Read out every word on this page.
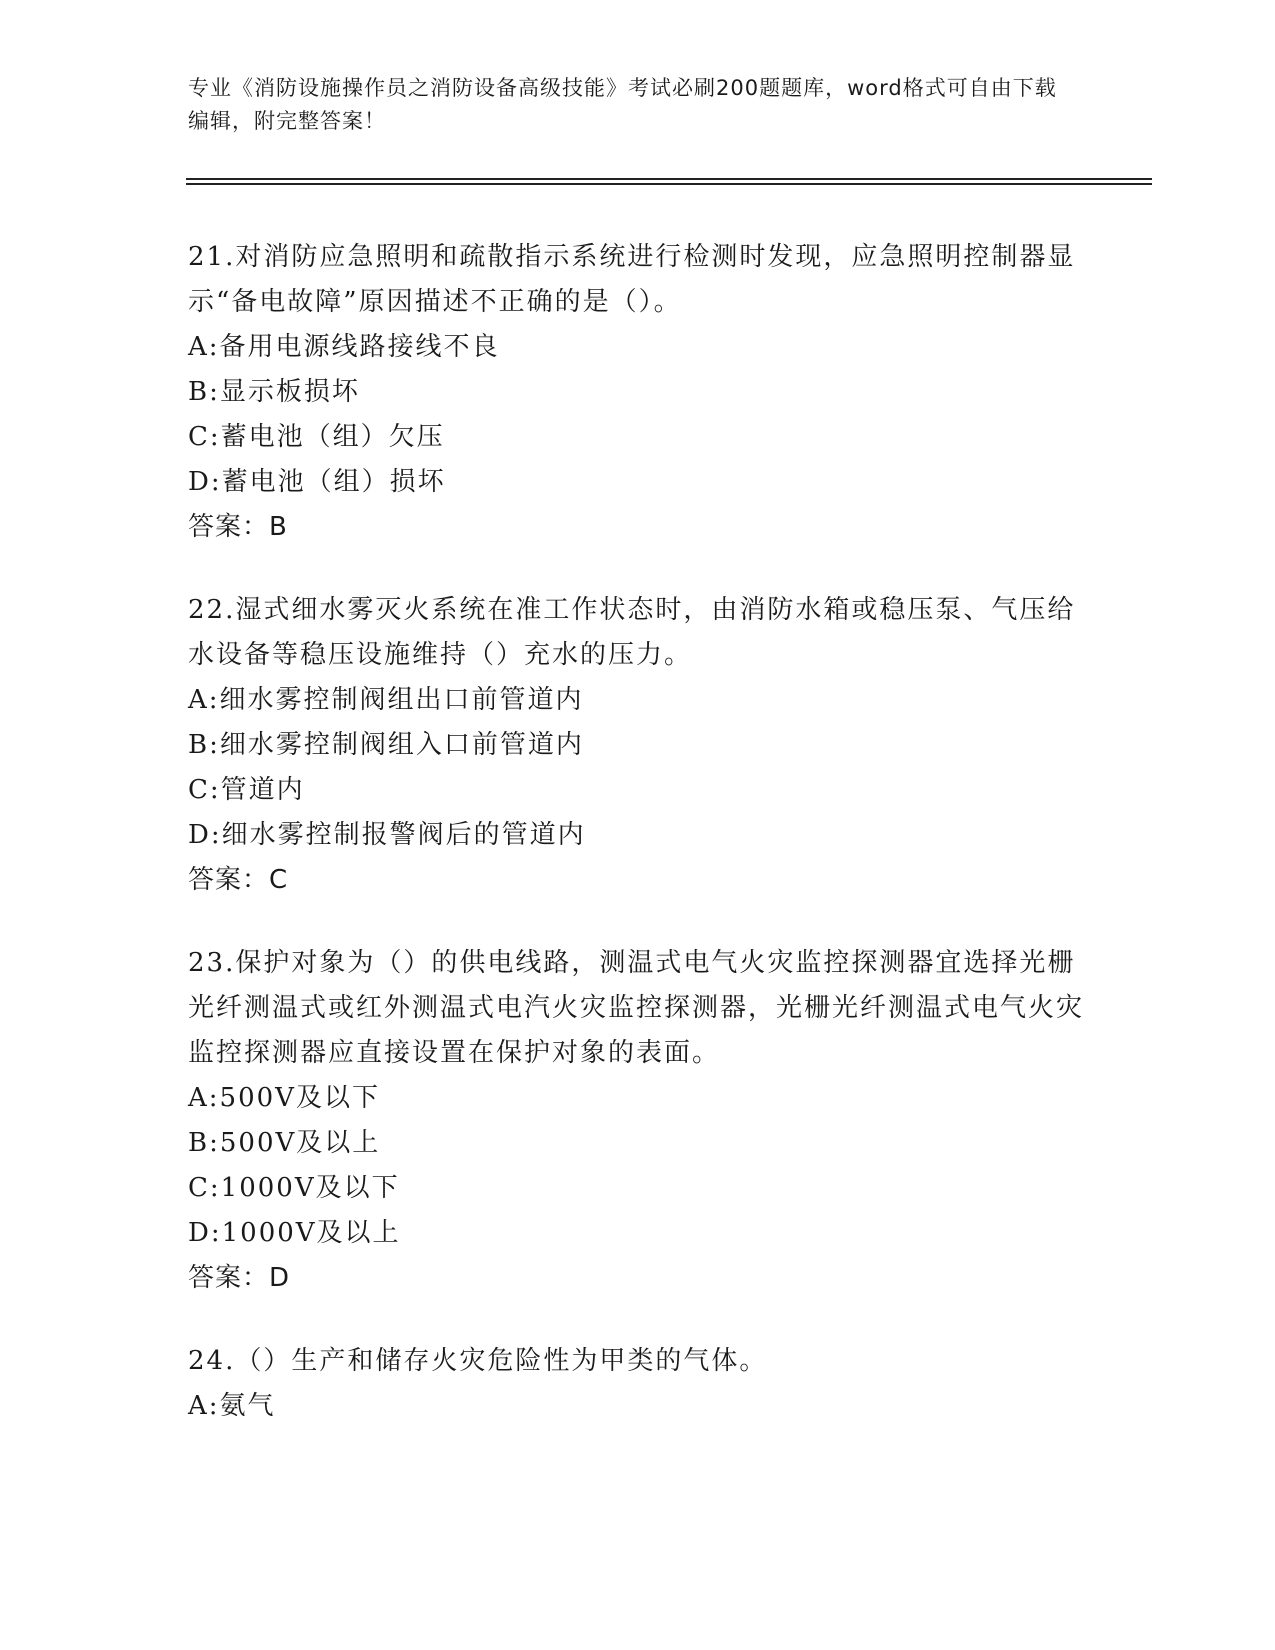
专业《消防设施操作员之消防设备高级技能》考试必刷200题题库，word格式可自由下载编辑，附完整答案！
21.对消防应急照明和疏散指示系统进行检测时发现，应急照明控制器显示“备电故障”原因描述不正确的是（）。
A:备用电源线路接线不良
B:显示板损坏
C:蓄电池（组）欠压
D:蓄电池（组）损坏
答案：B
22.湿式细水雾灭火系统在准工作状态时，由消防水箱或稳压泵、气压给水设备等稳压设施维持（）充水的压力。
A:细水雾控制阀组出口前管道内
B:细水雾控制阀组入口前管道内
C:管道内
D:细水雾控制报警阀后的管道内
答案：C
23.保护对象为（）的供电线路，测温式电气火灾监控探测器宜选择光栅光纤测温式或红外测温式电汽火灾监控探测器，光栅光纤测温式电气火灾监控探测器应直接设置在保护对象的表面。
A:500V及以下
B:500V及以上
C:1000V及以下
D:1000V及以上
答案：D
24.（）生产和储存火灾危险性为甲类的气体。
A:氨气
